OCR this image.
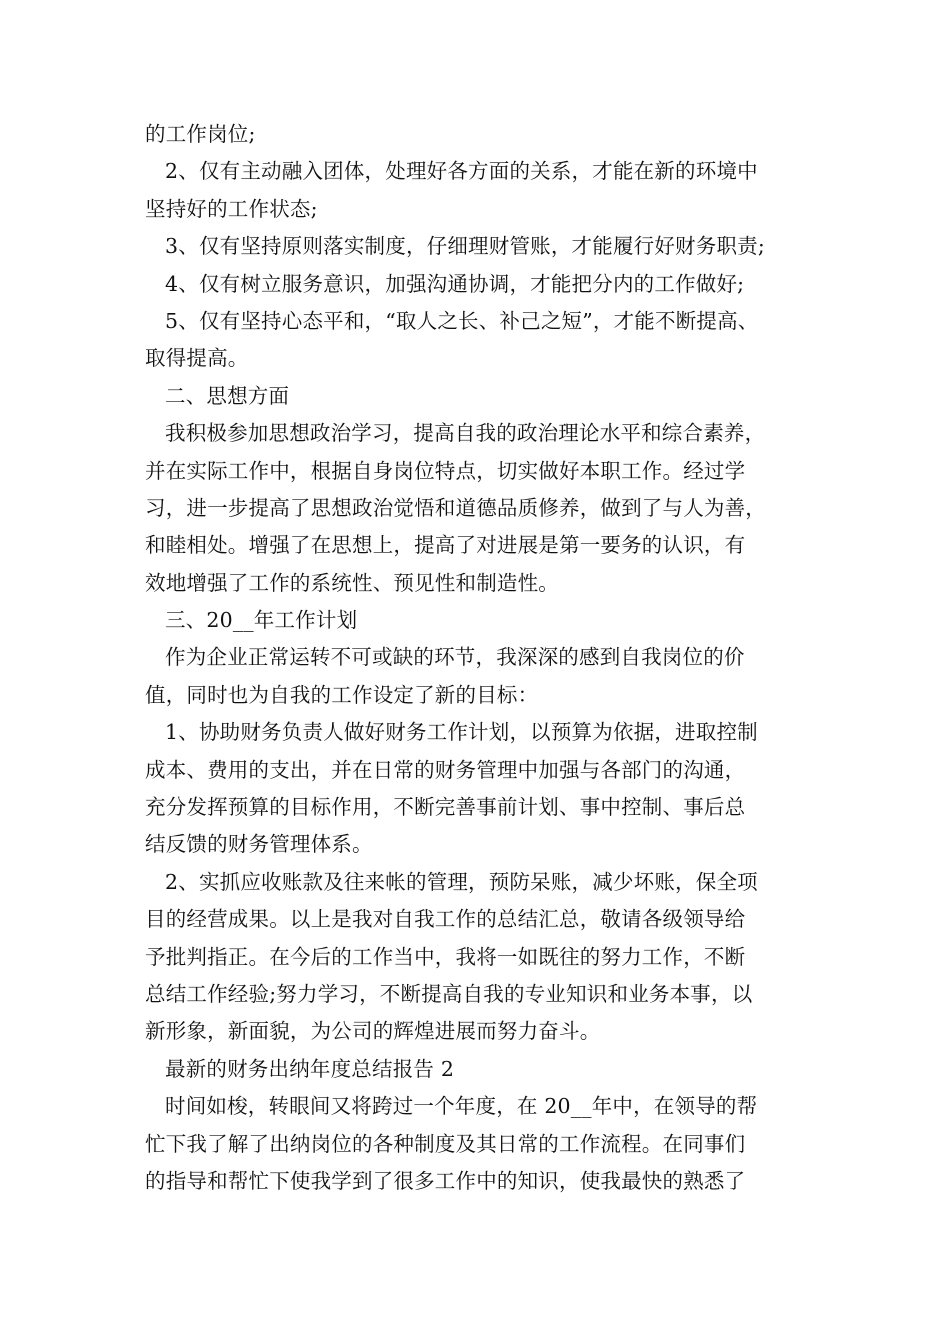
的工作岗位;
2、仅有主动融入团体，处理好各方面的关系，才能在新的环境中
坚持好的工作状态;
3、仅有坚持原则落实制度，仔细理财管账，才能履行好财务职责;
4、仅有树立服务意识，加强沟通协调，才能把分内的工作做好;
5、仅有坚持心态平和，“取人之长、补己之短”，才能不断提高、
取得提高。
二、思想方面
我积极参加思想政治学习，提高自我的政治理论水平和综合素养，
并在实际工作中，根据自身岗位特点，切实做好本职工作。经过学
习，进一步提高了思想政治觉悟和道德品质修养，做到了与人为善，
和睦相处。增强了在思想上，提高了对进展是第一要务的认识，有
效地增强了工作的系统性、预见性和制造性。
三、20__年工作计划
作为企业正常运转不可或缺的环节，我深深的感到自我岗位的价
值，同时也为自我的工作设定了新的目标：
1、协助财务负责人做好财务工作计划，以预算为依据，进取控制
成本、费用的支出，并在日常的财务管理中加强与各部门的沟通，
充分发挥预算的目标作用，不断完善事前计划、事中控制、事后总
结反馈的财务管理体系。
2、实抓应收账款及往来帐的管理，预防呆账，减少坏账，保全项
目的经营成果。以上是我对自我工作的总结汇总，敬请各级领导给
予批判指正。在今后的工作当中，我将一如既往的努力工作，不断
总结工作经验;努力学习，不断提高自我的专业知识和业务本事，以
新形象，新面貌，为公司的辉煌进展而努力奋斗。
最新的财务出纳年度总结报告 2
时间如梭，转眼间又将跨过一个年度，在 20__年中，在领导的帮
忙下我了解了出纳岗位的各种制度及其日常的工作流程。在同事们
的指导和帮忙下使我学到了很多工作中的知识，使我最快的熟悉了
